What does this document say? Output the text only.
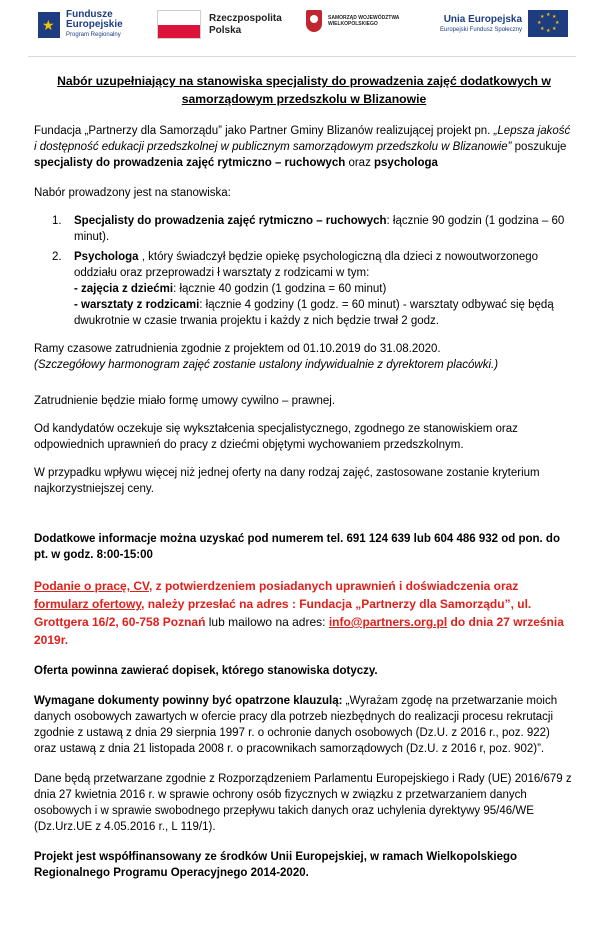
★
Fundusze
Europejskie
Program Regionalny
Rzeczpospolita
Polska
SAMORZĄD WOJEWÓDZTWA
WIELKOPOLSKIEGO	Unia Europejska
Europejski Fundusz Społeczny
★ ★
★
★
★
★
★
★
Nabór uzupełniający na stanowiska specjalisty do prowadzenia zajęć dodatkowych w samorządowym przedszkolu w Blizanowie

Fundacja „Partnerzy dla Samorządu” jako Partner Gminy Blizanów realizującej projekt pn. „Lepsza jakość i dostępność edukacji przedszkolnej w publicznym samorządowym przedszkolu w Blizanowie” poszukuje specjalisty do prowadzenia zajęć rytmiczno – ruchowych oraz psychologa

Nabór prowadzony jest na stanowiska:

1. Specjalisty do prowadzenia zajęć rytmiczno – ruchowych: łącznie 90 godzin (1 godzina – 60 minut).
2. Psychologa , który świadczył będzie opiekę psychologiczną dla dzieci z nowoutworzonego oddziału oraz przeprowadzi ł warsztaty z rodzicami w tym:
- zajęcia z dziećmi: łącznie 40 godzin (1 godzina = 60 minut)
- warsztaty z rodzicami: łącznie 4 godziny (1 godz. = 60 minut) - warsztaty odbywać się będą dwukrotnie w czasie trwania projektu i każdy z nich będzie trwał 2 godz.

Ramy czasowe zatrudnienia zgodnie z projektem od 01.10.2019 do 31.08.2020.

(Szczegółowy harmonogram zajęć zostanie ustalony indywidualnie z dyrektorem placówki.)

Zatrudnienie będzie miało formę umowy cywilno – prawnej.

Od kandydatów oczekuje się wykształcenia specjalistycznego, zgodnego ze stanowiskiem oraz odpowiednich uprawnień do pracy z dziećmi objętymi wychowaniem przedszkolnym.

W przypadku wpływu więcej niż jednej oferty na dany rodzaj zajęć, zastosowane zostanie kryterium najkorzystniejszej ceny.

Dodatkowe informacje można uzyskać pod numerem tel. 691 124 639 lub 604 486 932 od pon. do pt. w godz. 8:00-15:00

Podanie o pracę, CV, z potwierdzeniem posiadanych uprawnień i doświadczenia oraz formularz ofertowy, należy przesłać na adres : Fundacja „Partnerzy dla Samorządu”, ul. Grottgera 16/2, 60-758 Poznań lub mailowo na adres: info@partners.org.pl do dnia 27 września 2019r.

Oferta powinna zawierać dopisek, którego stanowiska dotyczy.

Wymagane dokumenty powinny być opatrzone klauzulą: „Wyrażam zgodę na przetwarzanie moich danych osobowych zawartych w ofercie pracy dla potrzeb niezbędnych do realizacji procesu rekrutacji zgodnie z ustawą z dnia 29 sierpnia 1997 r. o ochronie danych osobowych (Dz.U. z 2016 r., poz. 922) oraz ustawą z dnia 21 listopada 2008 r. o pracownikach samorządowych (Dz.U. z 2016 r, poz. 902)”.

Dane będą przetwarzane zgodnie z Rozporządzeniem Parlamentu Europejskiego i Rady (UE) 2016/679 z dnia 27 kwietnia 2016 r. w sprawie ochrony osób fizycznych w związku z przetwarzaniem danych osobowych i w sprawie swobodnego przepływu takich danych oraz uchylenia dyrektywy 95/46/WE (Dz.Urz.UE z 4.05.2016 r., L 119/1).

Projekt jest współfinansowany ze środków Unii Europejskiej, w ramach Wielkopolskiego Regionalnego Programu Operacyjnego 2014-2020.
